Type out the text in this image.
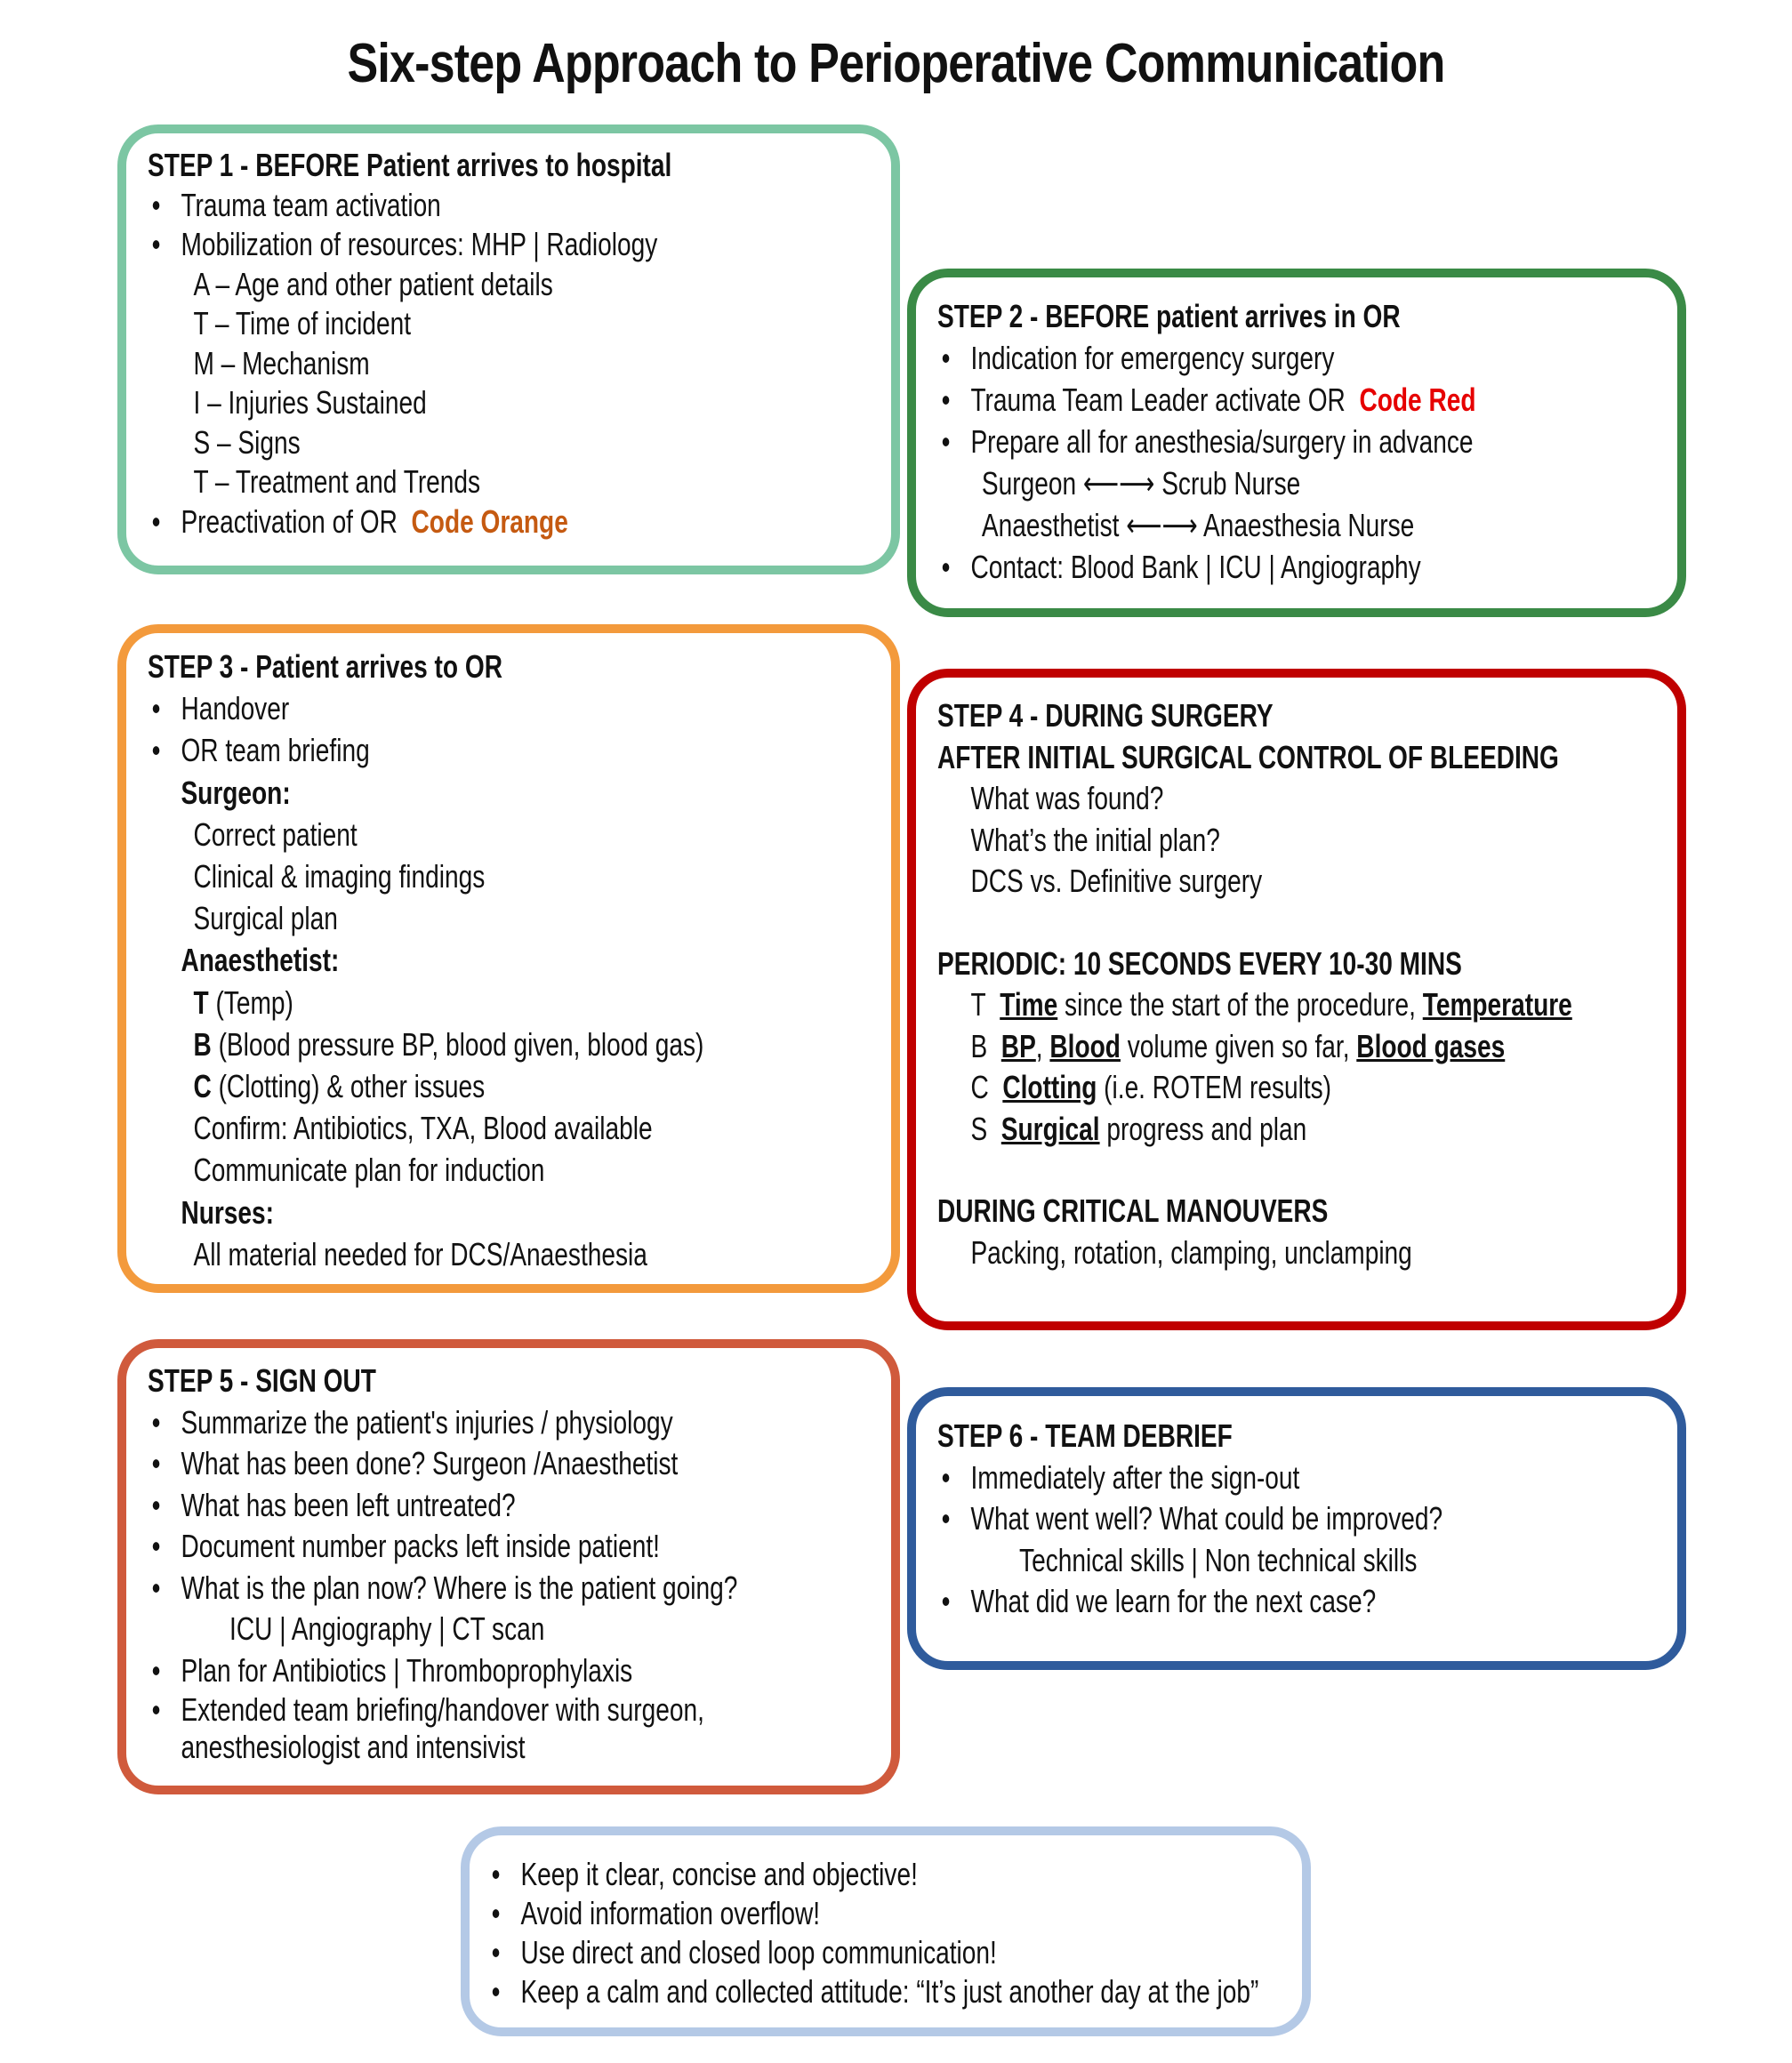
Six-step Approach to Perioperative Communication
STEP 1 - BEFORE Patient arrives to hospital
• Trauma team activation
• Mobilization of resources: MHP | Radiology
A – Age and other patient details
T – Time of incident
M – Mechanism
I – Injuries Sustained
S – Signs
T – Treatment and Trends
• Preactivation of OR Code Orange
STEP 2 - BEFORE patient arrives in OR
• Indication for emergency surgery
• Trauma Team Leader activate OR Code Red
• Prepare all for anesthesia/surgery in advance
Surgeon ⟵⟶ Scrub Nurse
Anaesthetist ⟵⟶ Anaesthesia Nurse
• Contact: Blood Bank | ICU | Angiography
STEP 3 - Patient arrives to OR
• Handover
• OR team briefing
Surgeon:
Correct patient
Clinical & imaging findings
Surgical plan
Anaesthetist:
T (Temp)
B (Blood pressure BP, blood given, blood gas)
C (Clotting) & other issues
Confirm: Antibiotics, TXA, Blood available
Communicate plan for induction
Nurses:
All material needed for DCS/Anaesthesia
STEP 4 - DURING SURGERY
AFTER INITIAL SURGICAL CONTROL OF BLEEDING
What was found?
What’s the initial plan?
DCS vs. Definitive surgery
PERIODIC: 10 SECONDS EVERY 10-30 MINS
T Time since the start of the procedure, Temperature
B BP, Blood volume given so far, Blood gases
C Clotting (i.e. ROTEM results)
S Surgical progress and plan
DURING CRITICAL MANOUVERS
Packing, rotation, clamping, unclamping
STEP 5 - SIGN OUT
• Summarize the patient's injuries / physiology
• What has been done? Surgeon /Anaesthetist
• What has been left untreated?
• Document number packs left inside patient!
• What is the plan now? Where is the patient going?
ICU | Angiography | CT scan
• Plan for Antibiotics | Thromboprophylaxis
• Extended team briefing/handover with surgeon,
anesthesiologist and intensivist
STEP 6 - TEAM DEBRIEF
• Immediately after the sign-out
• What went well? What could be improved?
Technical skills | Non technical skills
• What did we learn for the next case?
• Keep it clear, concise and objective!
• Avoid information overflow!
• Use direct and closed loop communication!
• Keep a calm and collected attitude: “It’s just another day at the job”
